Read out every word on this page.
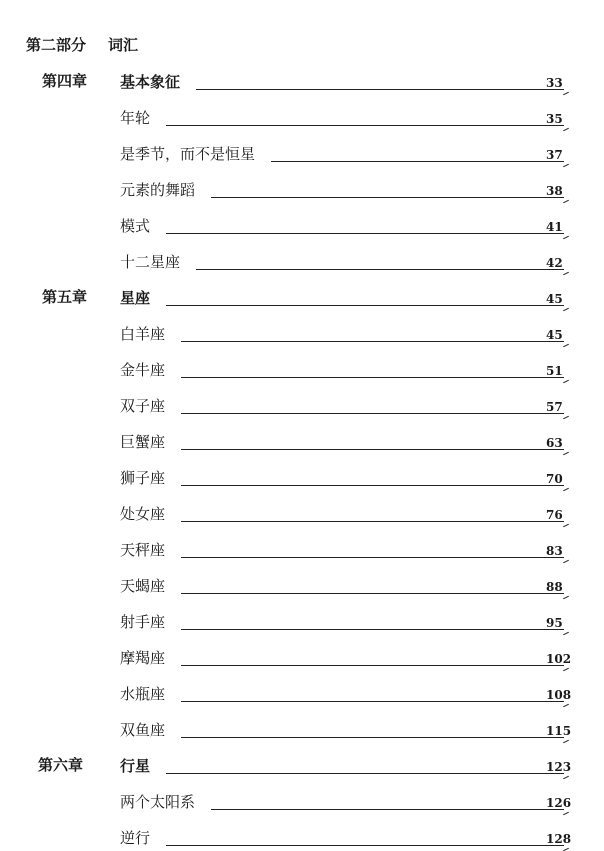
第二部分 词汇
第四章 基本象征	33
年轮	35
是季节，而不是恒星	37
元素的舞蹈	38
模式	41
十二星座	42
第五章 星座	45
白羊座	45
金牛座	51
双子座	57
巨蟹座	63
狮子座	70
处女座	76
天秤座	83
天蝎座	88
射手座	95
摩羯座	102
水瓶座	108
双鱼座	115
第六章 行星	123
两个太阳系	126
逆行	128
